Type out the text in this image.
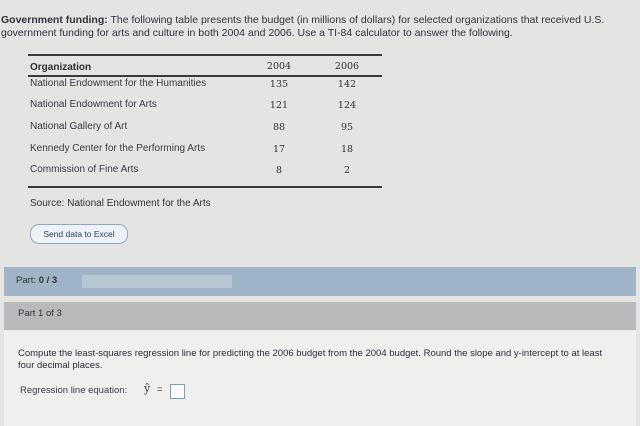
Government funding: The following table presents the budget (in millions of dollars) for selected organizations that received U.S. government funding for arts and culture in both 2004 and 2006. Use a TI-84 calculator to answer the following.
Organization	2004	2006
National Endowment for the Humanities	135	142
National Endowment for Arts	121	124
National Gallery of Art	88	95
Kennedy Center for the Performing Arts	17	18
Commission of Fine Arts	8	2
Source: National Endowment for the Arts
Send data to Excel
Part: 0 / 3
Part 1 of 3
Compute the least-squares regression line for predicting the 2006 budget from the 2004 budget. Round the slope and y-intercept to at least four decimal places.
Regression line equation: ŷ =
